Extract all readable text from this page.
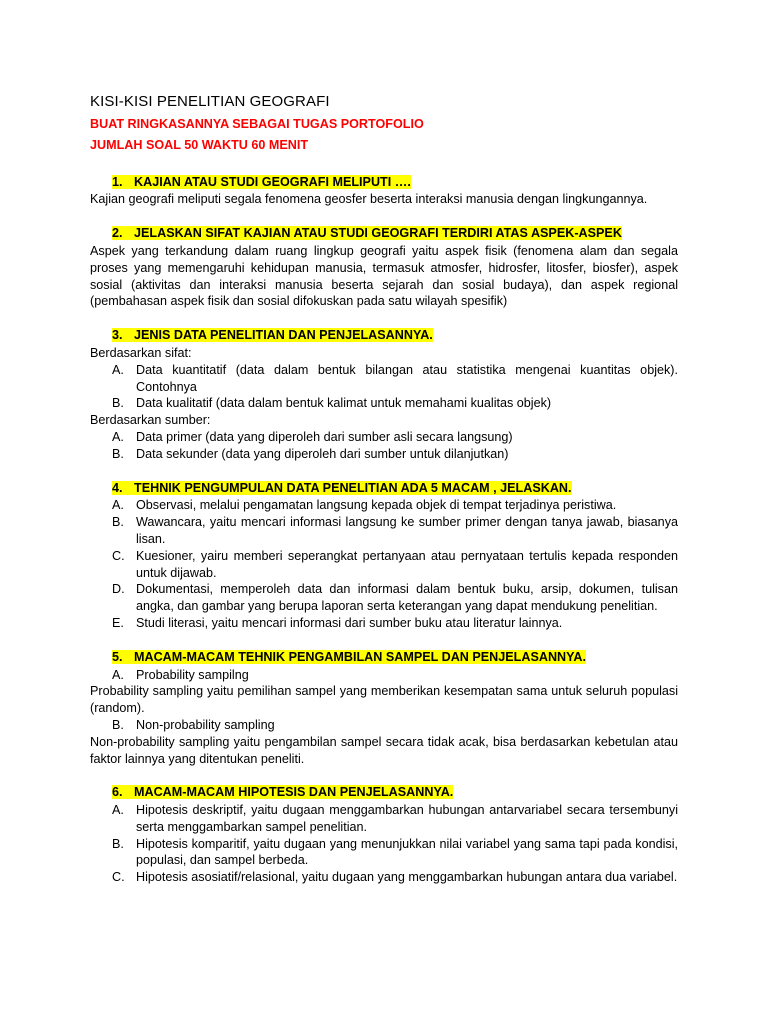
KISI-KISI PENELITIAN GEOGRAFI

BUAT RINGKASANNYA SEBAGAI TUGAS PORTOFOLIO

JUMLAH SOAL 50 WAKTU 60 MENIT

1. KAJIAN ATAU STUDI GEOGRAFI MELIPUTI ….

Kajian geografi meliputi segala fenomena geosfer beserta interaksi manusia dengan lingkungannya.

2. JELASKAN SIFAT KAJIAN ATAU STUDI GEOGRAFI TERDIRI ATAS ASPEK-ASPEK

Aspek yang terkandung dalam ruang lingkup geografi yaitu aspek fisik (fenomena alam dan segala proses yang memengaruhi kehidupan manusia, termasuk atmosfer, hidrosfer, litosfer, biosfer), aspek sosial (aktivitas dan interaksi manusia beserta sejarah dan sosial budaya), dan aspek regional (pembahasan aspek fisik dan sosial difokuskan pada satu wilayah spesifik)

3. JENIS DATA PENELITIAN DAN PENJELASANNYA.

Berdasarkan sifat:

A. Data kuantitatif (data dalam bentuk bilangan atau statistika mengenai kuantitas objek). Contohnya
B. Data kualitatif (data dalam bentuk kalimat untuk memahami kualitas objek)

Berdasarkan sumber:

A. Data primer (data yang diperoleh dari sumber asli secara langsung)
B. Data sekunder (data yang diperoleh dari sumber untuk dilanjutkan)
4. TEHNIK PENGUMPULAN DATA PENELITIAN ADA 5 MACAM , JELASKAN.
A. Observasi, melalui pengamatan langsung kepada objek di tempat terjadinya peristiwa.
B. Wawancara, yaitu mencari informasi langsung ke sumber primer dengan tanya jawab, biasanya lisan.
C. Kuesioner, yairu memberi seperangkat pertanyaan atau pernyataan tertulis kepada responden untuk dijawab.
D. Dokumentasi, memperoleh data dan informasi dalam bentuk buku, arsip, dokumen, tulisan angka, dan gambar yang berupa laporan serta keterangan yang dapat mendukung penelitian.
E. Studi literasi, yaitu mencari informasi dari sumber buku atau literatur lainnya.
5. MACAM-MACAM TEHNIK PENGAMBILAN SAMPEL DAN PENJELASANNYA.
A. Probability sampilng

Probability sampling yaitu pemilihan sampel yang memberikan kesempatan sama untuk seluruh populasi (random).

B. Non-probability sampling

Non-probability sampling yaitu pengambilan sampel secara tidak acak, bisa berdasarkan kebetulan atau faktor lainnya yang ditentukan peneliti.

6. MACAM-MACAM HIPOTESIS DAN PENJELASANNYA.
A. Hipotesis deskriptif, yaitu dugaan menggambarkan hubungan antarvariabel secara tersembunyi serta menggambarkan sampel penelitian.
B. Hipotesis komparitif, yaitu dugaan yang menunjukkan nilai variabel yang sama tapi pada kondisi, populasi, dan sampel berbeda.
C. Hipotesis asosiatif/relasional, yaitu dugaan yang menggambarkan hubungan antara dua variabel.
